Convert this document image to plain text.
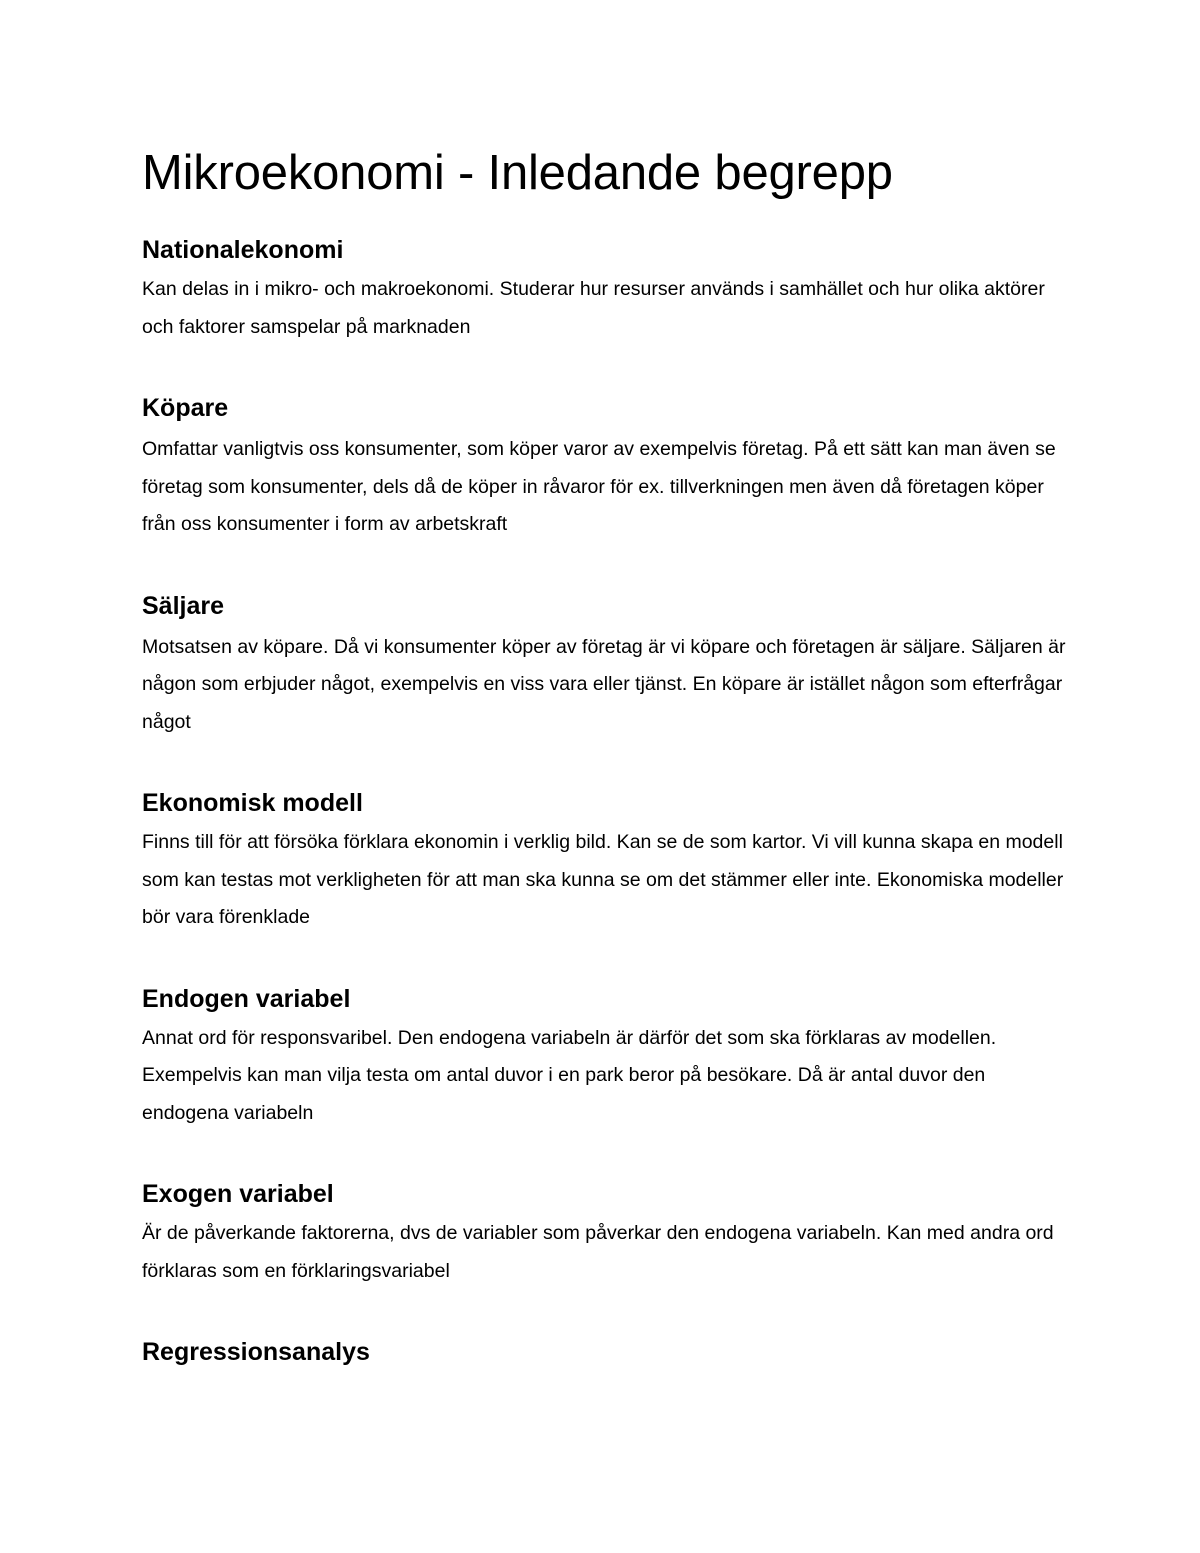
Mikroekonomi - Inledande begrepp
Nationalekonomi

Kan delas in i mikro- och makroekonomi. Studerar hur resurser används i samhället och hur olika aktörer och faktorer samspelar på marknaden

Köpare

Omfattar vanligtvis oss konsumenter, som köper varor av exempelvis företag. På ett sätt kan man även se företag som konsumenter, dels då de köper in råvaror för ex. tillverkningen men även då företagen köper från oss konsumenter i form av arbetskraft

Säljare

Motsatsen av köpare. Då vi konsumenter köper av företag är vi köpare och företagen är säljare. Säljaren är någon som erbjuder något, exempelvis en viss vara eller tjänst. En köpare är istället någon som efterfrågar något

Ekonomisk modell

Finns till för att försöka förklara ekonomin i verklig bild. Kan se de som kartor. Vi vill kunna skapa en modell som kan testas mot verkligheten för att man ska kunna se om det stämmer eller inte. Ekonomiska modeller bör vara förenklade

Endogen variabel

Annat ord för responsvaribel. Den endogena variabeln är därför det som ska förklaras av modellen. Exempelvis kan man vilja testa om antal duvor i en park beror på besökare. Då är antal duvor den endogena variabeln

Exogen variabel

Är de påverkande faktorerna, dvs de variabler som påverkar den endogena variabeln. Kan med andra ord förklaras som en förklaringsvariabel

Regressionsanalys
